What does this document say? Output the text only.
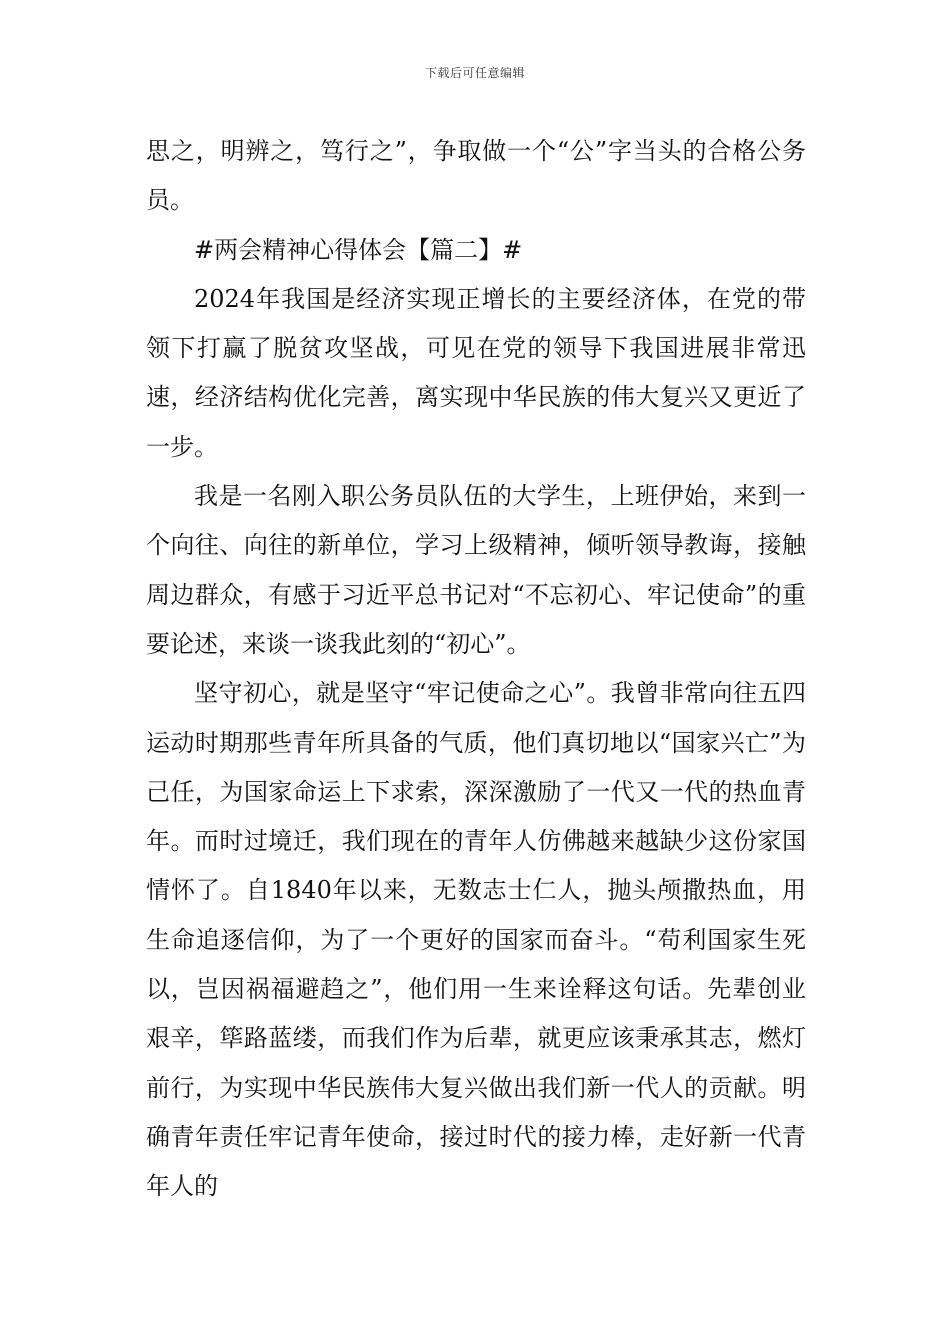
下载后可任意编辑

思之，明辨之，笃行之”，争取做一个“公”字当头的合格公务员。

#两会精神心得体会【篇二】#

2024年我国是经济实现正增长的主要经济体，在党的带领下打赢了脱贫攻坚战，可见在党的领导下我国进展非常迅速，经济结构优化完善，离实现中华民族的伟大复兴又更近了一步。

我是一名刚入职公务员队伍的大学生，上班伊始，来到一个向往、向往的新单位，学习上级精神，倾听领导教诲，接触周边群众，有感于习近平总书记对“不忘初心、牢记使命”的重要论述，来谈一谈我此刻的“初心”。

坚守初心，就是坚守“牢记使命之心”。我曾非常向往五四运动时期那些青年所具备的气质，他们真切地以“国家兴亡”为己任，为国家命运上下求索，深深激励了一代又一代的热血青年。而时过境迁，我们现在的青年人仿佛越来越缺少这份家国情怀了。自1840年以来，无数志士仁人，抛头颅撒热血，用生命追逐信仰，为了一个更好的国家而奋斗。“苟利国家生死以，岂因祸福避趋之”，他们用一生来诠释这句话。先辈创业艰辛，筚路蓝缕，而我们作为后辈，就更应该秉承其志，燃灯前行，为实现中华民族伟大复兴做出我们新一代人的贡献。明确青年责任牢记青年使命，接过时代的接力棒，走好新一代青年人的
